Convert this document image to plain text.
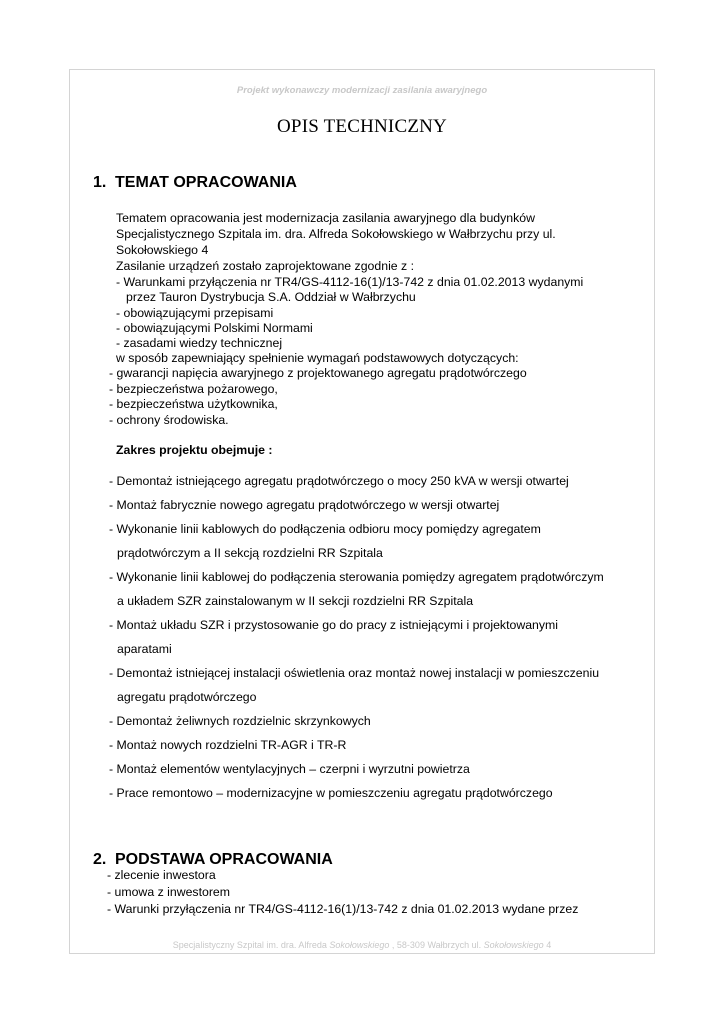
Projekt wykonawczy modernizacji zasilania awaryjnego
OPIS TECHNICZNY
1. TEMAT OPRACOWANIA
Tematem opracowania jest modernizacja zasilania awaryjnego dla budynków
Specjalistycznego Szpitala im. dra. Alfreda Sokołowskiego w Wałbrzychu przy ul.
Sokołowskiego 4
Zasilanie urządzeń zostało zaprojektowane zgodnie z :
- Warunkami przyłączenia nr TR4/GS-4112-16(1)/13-742 z dnia 01.02.2013 wydanymi
przez Tauron Dystrybucja S.A. Oddział w Wałbrzychu
- obowiązującymi przepisami
- obowiązującymi Polskimi Normami
- zasadami wiedzy technicznej
w sposób zapewniający spełnienie wymagań podstawowych dotyczących:
- gwarancji napięcia awaryjnego z projektowanego agregatu prądotwórczego
- bezpieczeństwa pożarowego,
- bezpieczeństwa użytkownika,
- ochrony środowiska.
Zakres projektu obejmuje :
- Demontaż istniejącego agregatu prądotwórczego o mocy 250 kVA w wersji otwartej
- Montaż fabrycznie nowego agregatu prądotwórczego w wersji otwartej
- Wykonanie linii kablowych do podłączenia odbioru mocy pomiędzy agregatem
prądotwórczym a II sekcją rozdzielni RR Szpitala
- Wykonanie linii kablowej do podłączenia sterowania pomiędzy agregatem prądotwórczym
a układem SZR zainstalowanym w II sekcji rozdzielni RR Szpitala
- Montaż układu SZR i przystosowanie go do pracy z istniejącymi i projektowanymi
aparatami
- Demontaż istniejącej instalacji oświetlenia oraz montaż nowej instalacji w pomieszczeniu
agregatu prądotwórczego
- Demontaż żeliwnych rozdzielnic skrzynkowych
- Montaż nowych rozdzielni TR-AGR i TR-R
- Montaż elementów wentylacyjnych – czerpni i wyrzutni powietrza
- Prace remontowo – modernizacyjne w pomieszczeniu agregatu prądotwórczego
2. PODSTAWA OPRACOWANIA
- zlecenie inwestora
- umowa z inwestorem
- Warunki przyłączenia nr TR4/GS-4112-16(1)/13-742 z dnia 01.02.2013 wydane przez
Specjalistyczny Szpital im. dra. Alfreda Sokołowskiego , 58-309 Wałbrzych ul. Sokołowskiego 4
